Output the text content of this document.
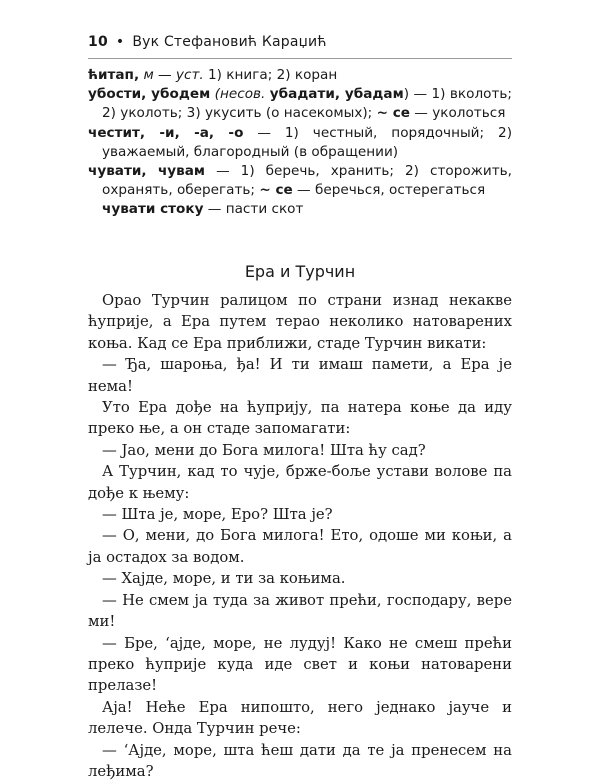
10 • Вук Стефановић Караџић
ћитап, м — уст. 1) книга; 2) коран
убости, убодем (несов. убадати, убадам) — 1) вколоть; 2) уколоть; 3) укусить (о насекомых); ~ се — уколоться
честит, -и, -а, -о — 1) честный, порядочный; 2) уважаемый, благородный (в обращении)
чувати, чувам — 1) беречь, хранить; 2) сторожить, охранять, оберегать; ~ се — беречься, остерегаться
чувати стоку — пасти скот
Ера и Турчин

Орао Турчин ралицом по страни изнад некакве ћуприје, а Ера путем терао неколико натоварених коња. Кад се Ера приближи, стаде Турчин викати:

— Ђа, шароња, ђа! И ти имаш памети, а Ера је нема!

Уто Ера дође на ћуприју, па натера коње да иду преко ње, а он стаде запомагати:

— Јао, мени до Бога милога! Шта ћу сад?

А Турчин, кад то чује, брже-боље устави волове па дође к њему:

— Шта је, море, Еро? Шта је?

— О, мени, до Бога милога! Ето, одоше ми коњи, а ја остадох за водом.

— Хајде, море, и ти за коњима.

— Не смем ја туда за живот прећи, господару, вере ми!

— Бре, ‘ајде, море, не лудуј! Како не смеш прећи преко ћуприје куда иде свет и коњи натоварени прелазе!

Аја! Неће Ера нипошто, него једнако јауче и лелече. Онда Турчин рече:

— ‘Ајде, море, шта ћеш дати да те ја пренесем на леђима?
